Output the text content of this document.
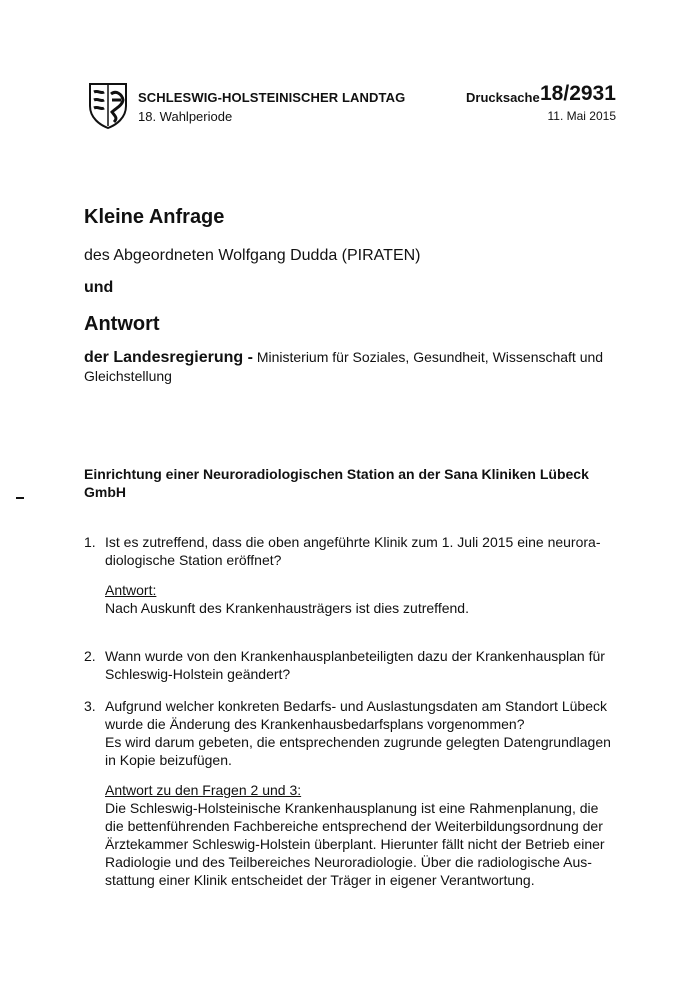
SCHLESWIG-HOLSTEINISCHER LANDTAG
18. Wahlperiode
Drucksache 18/2931
11. Mai 2015
Kleine Anfrage
des Abgeordneten Wolfgang Dudda (PIRATEN)
und
Antwort
der Landesregierung - Ministerium für Soziales, Gesundheit, Wissenschaft und Gleichstellung
Einrichtung einer Neuroradiologischen Station an der Sana Kliniken Lübeck GmbH
1. Ist es zutreffend, dass die oben angeführte Klinik zum 1. Juli 2015 eine neurora-
diologische Station eröffnet?
Antwort:
Nach Auskunft des Krankenhausträgers ist dies zutreffend.
2. Wann wurde von den Krankenhausplanbeteiligten dazu der Krankenhausplan für
Schleswig-Holstein geändert?
3. Aufgrund welcher konkreten Bedarfs- und Auslastungsdaten am Standort Lübeck
wurde die Änderung des Krankenhausbedarfsplans vorgenommen?
Es wird darum gebeten, die entsprechenden zugrunde gelegten Datengrundlagen
in Kopie beizufügen.
Antwort zu den Fragen 2 und 3:
Die Schleswig-Holsteinische Krankenhausplanung ist eine Rahmenplanung, die
die bettenführenden Fachbereiche entsprechend der Weiterbildungsordnung der
Ärztekammer Schleswig-Holstein überplant. Hierunter fällt nicht der Betrieb einer
Radiologie und des Teilbereiches Neuroradiologie. Über die radiologische Aus-
stattung einer Klinik entscheidet der Träger in eigener Verantwortung.
